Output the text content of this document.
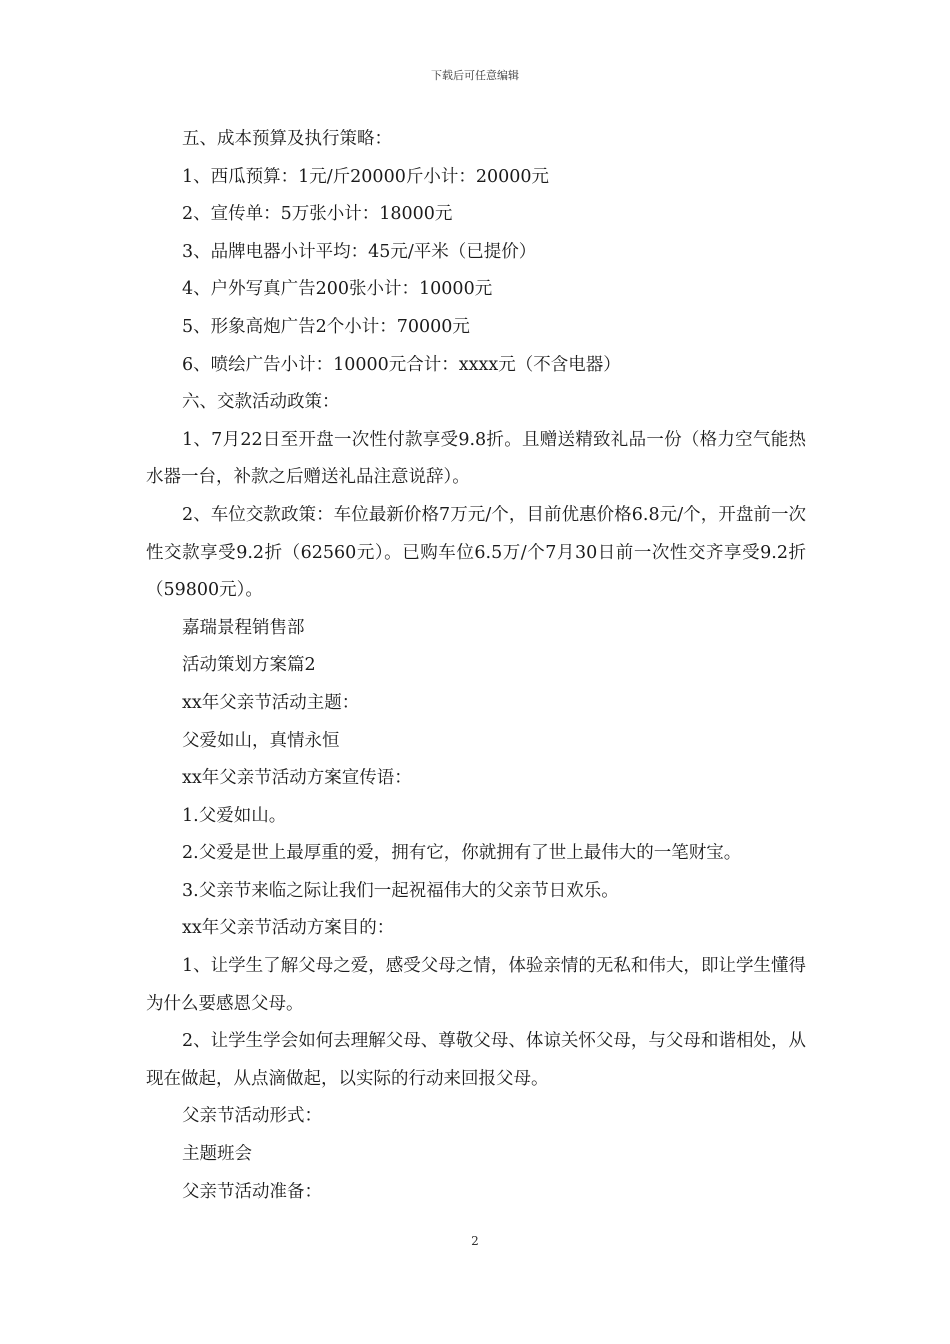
下载后可任意编辑

五、成本预算及执行策略：

1、西瓜预算：1元/斤20000斤小计：20000元

2、宣传单：5万张小计：18000元

3、品牌电器小计平均：45元/平米（已提价）

4、户外写真广告200张小计：10000元

5、形象高炮广告2个小计：70000元

6、喷绘广告小计：10000元合计：xxxx元（不含电器）

六、交款活动政策：

1、7月22日至开盘一次性付款享受9.8折。且赠送精致礼品一份（格力空气能热水器一台，补款之后赠送礼品注意说辞）。

2、车位交款政策：车位最新价格7万元/个，目前优惠价格6.8元/个，开盘前一次性交款享受9.2折（62560元）。已购车位6.5万/个7月30日前一次性交齐享受9.2折（59800元）。

嘉瑞景程销售部

活动策划方案篇2

xx年父亲节活动主题：

父爱如山，真情永恒

xx年父亲节活动方案宣传语：

1.父爱如山。

2.父爱是世上最厚重的爱，拥有它，你就拥有了世上最伟大的一笔财宝。

3.父亲节来临之际让我们一起祝福伟大的父亲节日欢乐。

xx年父亲节活动方案目的：

1、让学生了解父母之爱，感受父母之情，体验亲情的无私和伟大，即让学生懂得为什么要感恩父母。

2、让学生学会如何去理解父母、尊敬父母、体谅关怀父母，与父母和谐相处，从现在做起，从点滴做起，以实际的行动来回报父母。

父亲节活动形式：

主题班会

父亲节活动准备：

2
